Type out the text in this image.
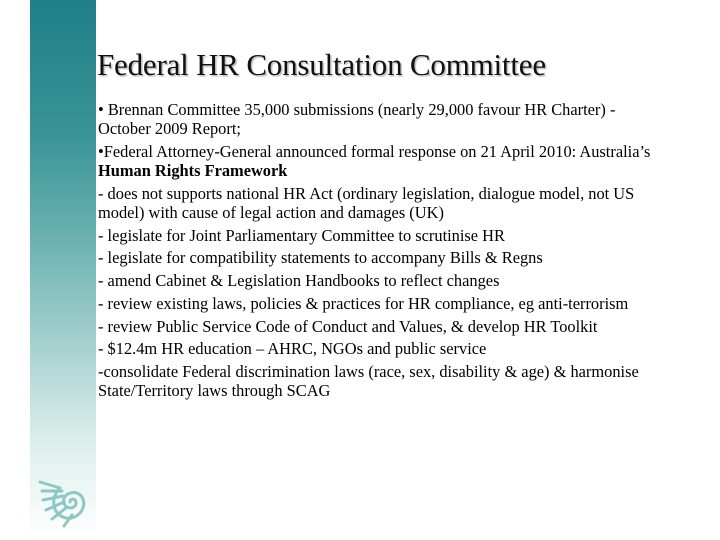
Federal HR Consultation Committee

• Brennan Committee 35,000 submissions (nearly 29,000 favour HR Charter) - October 2009 Report;

•Federal Attorney-General announced formal response on 21 April 2010: Australia’s Human Rights Framework

- does not supports national HR Act (ordinary legislation, dialogue model, not US model) with cause of legal action and damages (UK)

- legislate for Joint Parliamentary Committee to scrutinise HR

- legislate for compatibility statements to accompany Bills & Regns

- amend Cabinet & Legislation Handbooks to reflect changes

- review existing laws, policies & practices for HR compliance, eg anti-terrorism

- review Public Service Code of Conduct and Values, & develop HR Toolkit

- $12.4m HR education – AHRC, NGOs and public service

-consolidate Federal discrimination laws (race, sex, disability & age) & harmonise State/Territory laws through SCAG
